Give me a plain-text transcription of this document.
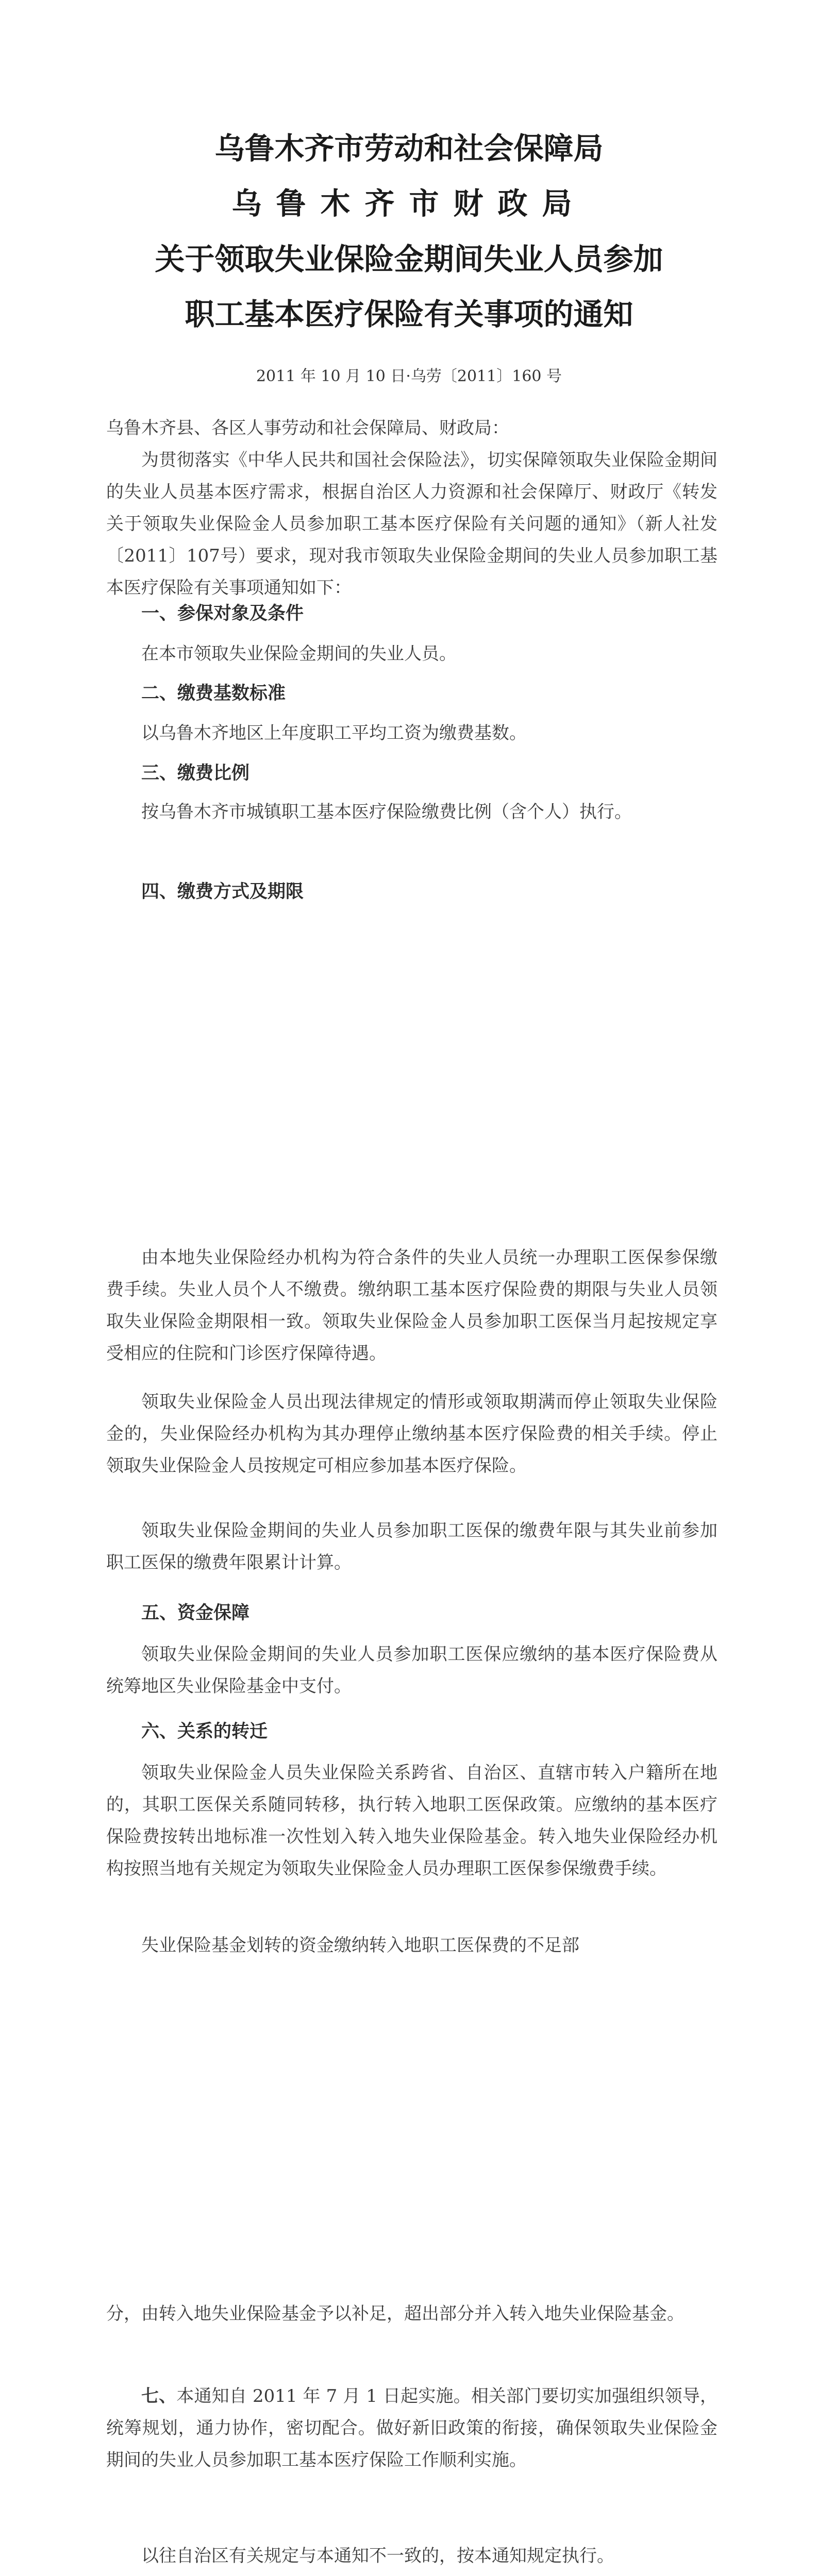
乌鲁木齐市劳动和社会保障局
乌鲁木齐市财政局
关于领取失业保险金期间失业人员参加
职工基本医疗保险有关事项的通知
2011 年 10 月 10 日·乌劳〔2011〕160 号

乌鲁木齐县、各区人事劳动和社会保障局、财政局：

为贯彻落实《中华人民共和国社会保险法》，切实保障领取失业保险金期间的失业人员基本医疗需求，根据自治区人力资源和社会保障厅、财政厅《转发关于领取失业保险金人员参加职工基本医疗保险有关问题的通知》（新人社发〔2011〕107号）要求，现对我市领取失业保险金期间的失业人员参加职工基本医疗保险有关事项通知如下：

一、参保对象及条件

在本市领取失业保险金期间的失业人员。

二、缴费基数标准

以乌鲁木齐地区上年度职工平均工资为缴费基数。

三、缴费比例

按乌鲁木齐市城镇职工基本医疗保险缴费比例（含个人）执行。

四、缴费方式及期限

由本地失业保险经办机构为符合条件的失业人员统一办理职工医保参保缴费手续。失业人员个人不缴费。缴纳职工基本医疗保险费的期限与失业人员领取失业保险金期限相一致。领取失业保险金人员参加职工医保当月起按规定享受相应的住院和门诊医疗保障待遇。

领取失业保险金人员出现法律规定的情形或领取期满而停止领取失业保险金的，失业保险经办机构为其办理停止缴纳基本医疗保险费的相关手续。停止领取失业保险金人员按规定可相应参加基本医疗保险。

领取失业保险金期间的失业人员参加职工医保的缴费年限与其失业前参加职工医保的缴费年限累计计算。

五、资金保障

领取失业保险金期间的失业人员参加职工医保应缴纳的基本医疗保险费从统筹地区失业保险基金中支付。

六、关系的转迁

领取失业保险金人员失业保险关系跨省、自治区、直辖市转入户籍所在地的，其职工医保关系随同转移，执行转入地职工医保政策。应缴纳的基本医疗保险费按转出地标准一次性划入转入地失业保险基金。转入地失业保险经办机构按照当地有关规定为领取失业保险金人员办理职工医保参保缴费手续。

失业保险基金划转的资金缴纳转入地职工医保费的不足部

分，由转入地失业保险基金予以补足，超出部分并入转入地失业保险基金。

七、本通知自 2011 年 7 月 1 日起实施。相关部门要切实加强组织领导，统筹规划，通力协作，密切配合。做好新旧政策的衔接，确保领取失业保险金期间的失业人员参加职工基本医疗保险工作顺利实施。

以往自治区有关规定与本通知不一致的，按本通知规定执行。
